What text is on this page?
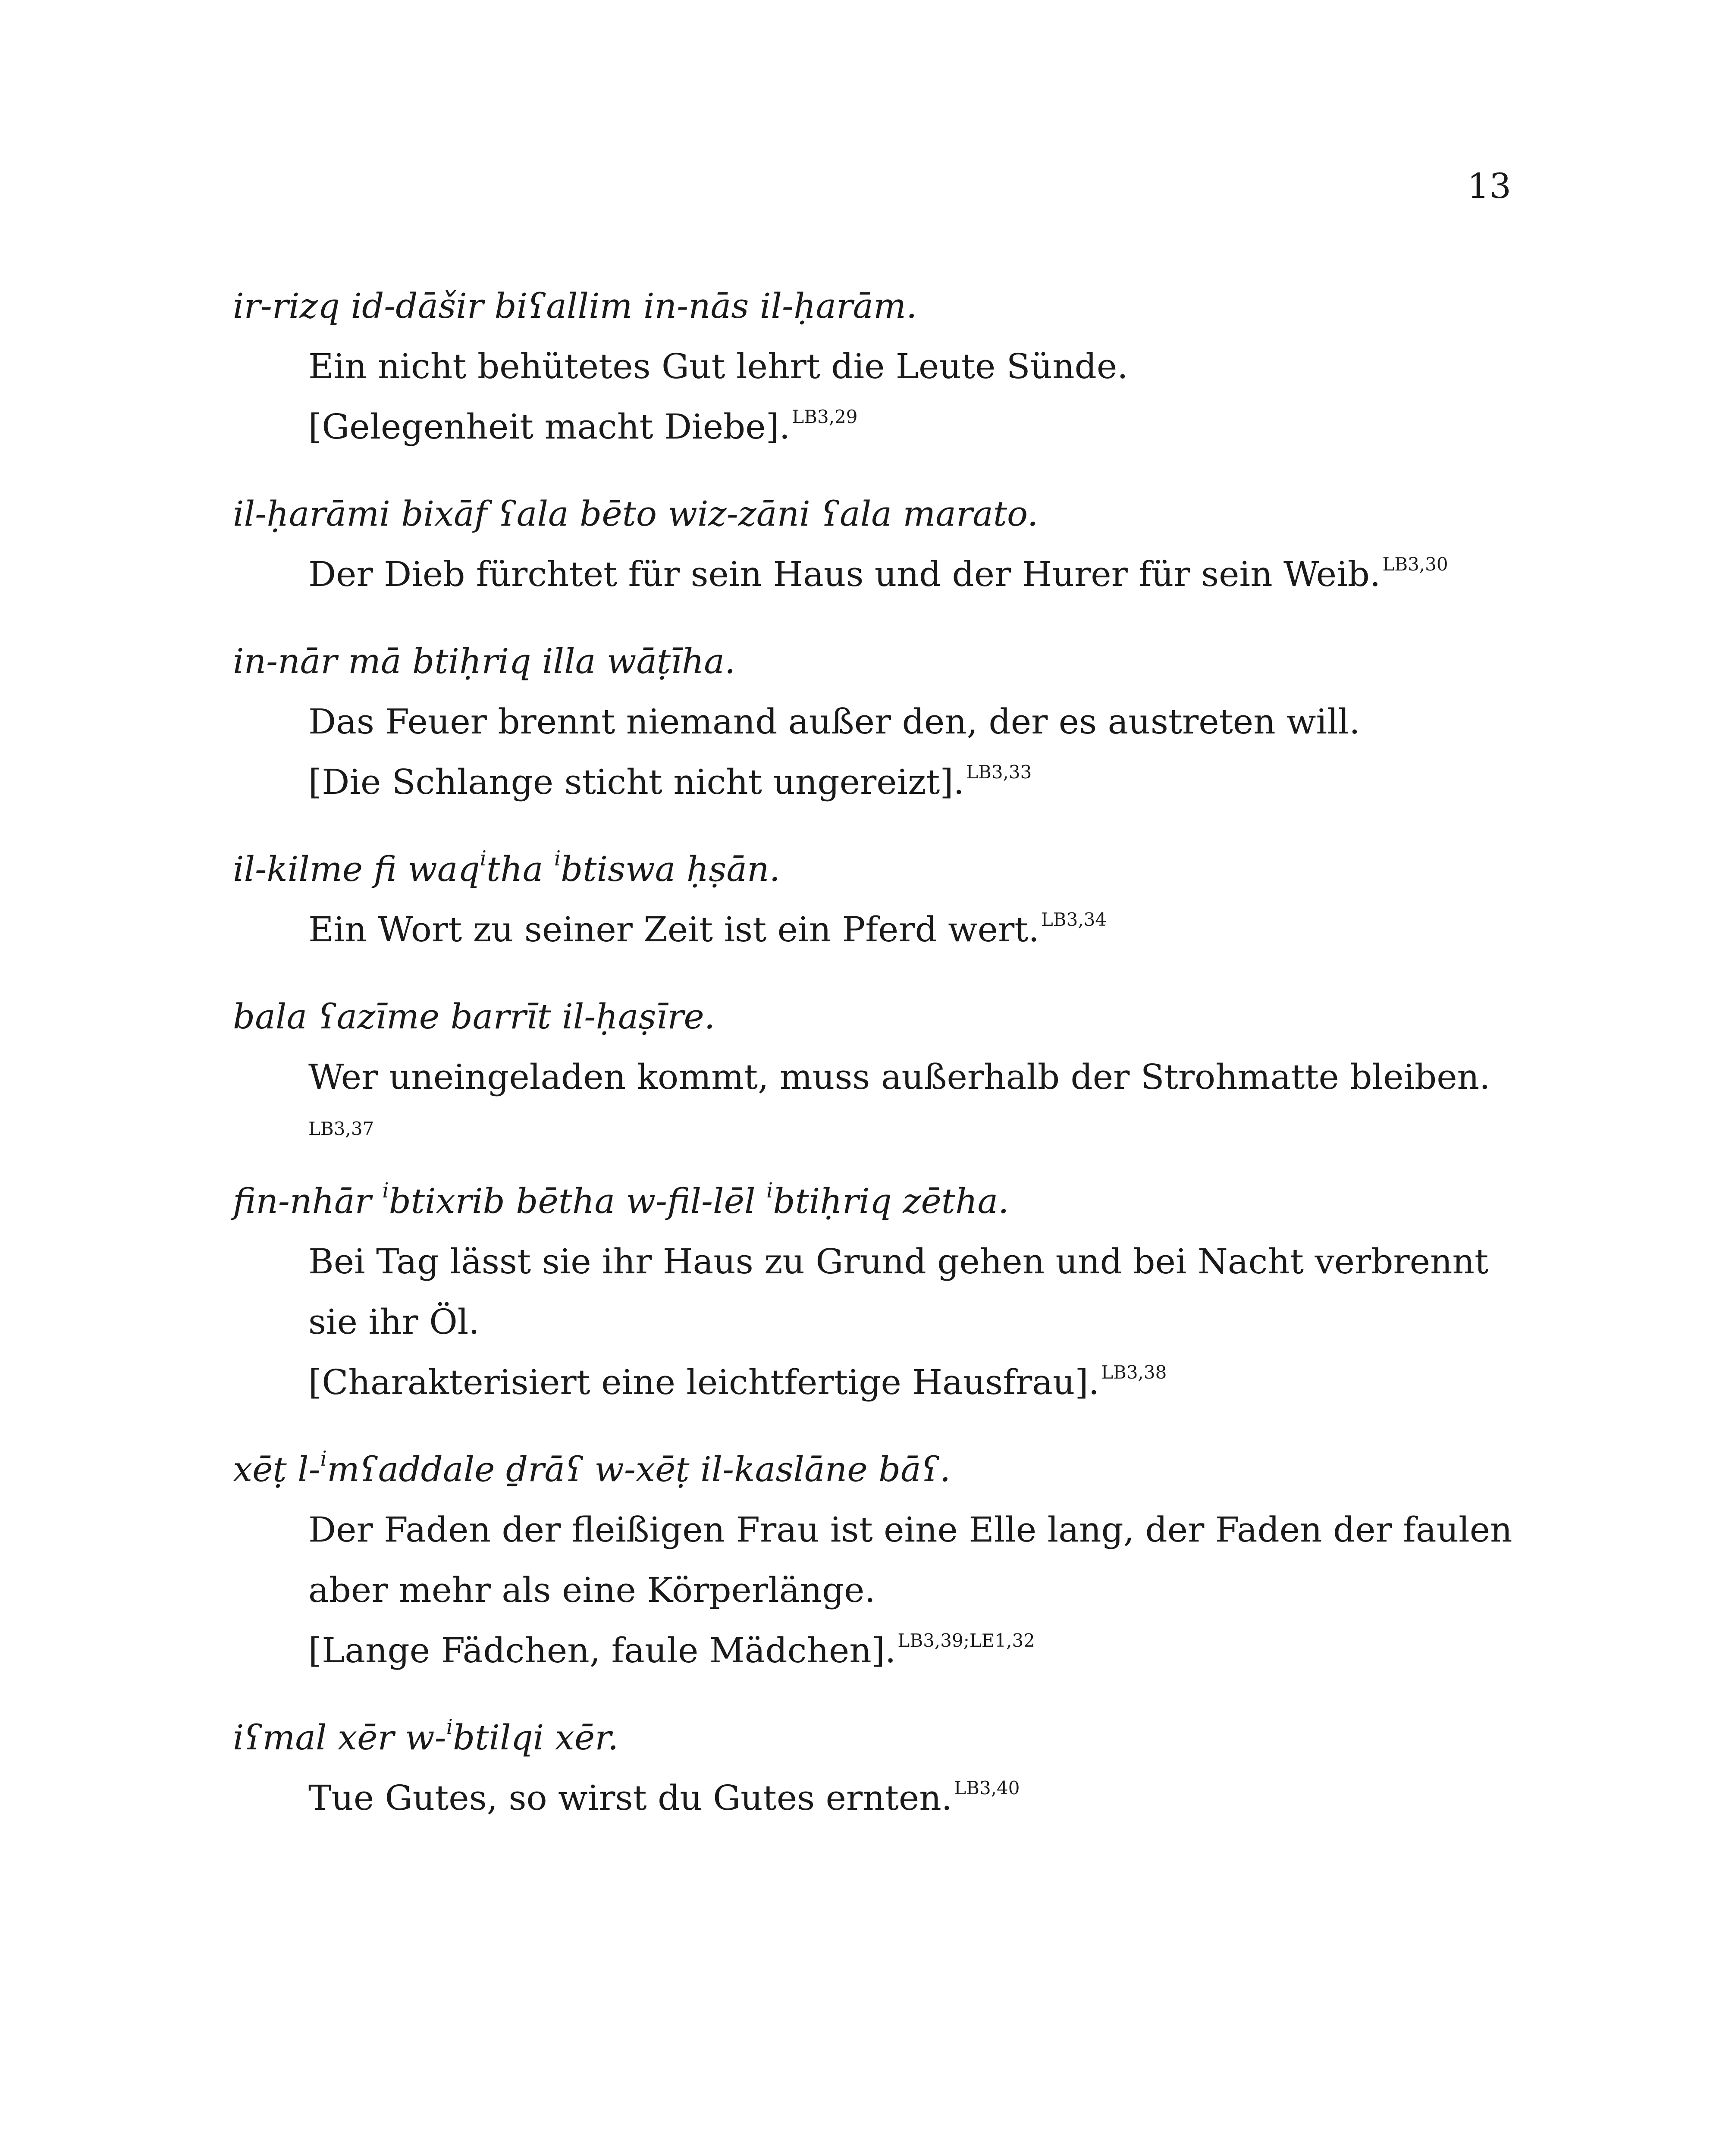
13

ir-rizq id-dāšir biʕallim in-nās il-ḥarām.

Ein nicht behütetes Gut lehrt die Leute Sünde.

[Gelegenheit macht Diebe].$^{LB3,29}$

il-ḥarāmi bixāf ʕala bēto wiz-zāni ʕala marato.

Der Dieb fürchtet für sein Haus und der Hurer für sein Weib.$^{LB3,30}$

in-nār mā btiḥriq illa wāṭīha.

Das Feuer brennt niemand außer den, der es austreten will.

[Die Schlange sticht nicht ungereizt].$^{LB3,33}$

il-kilme fi waq$^i$tha $^i$btiswa ḥṣān.

Ein Wort zu seiner Zeit ist ein Pferd wert.$^{LB3,34}$

bala ʕazīme barrīt il-ḥaṣīre.

Wer uneingeladen kommt, muss außerhalb der Strohmatte bleiben.

LB3,37

fin-nhār $^i$btixrib bētha w-fil-lēl $^i$btiḥriq zētha.

Bei Tag lässt sie ihr Haus zu Grund gehen und bei Nacht verbrennt

sie ihr Öl.

[Charakterisiert eine leichtfertige Hausfrau].$^{LB3,38}$

xēṭ l-$^i$mʕaddale ḏrāʕ w-xēṭ il-kaslāne bāʕ.

Der Faden der fleißigen Frau ist eine Elle lang, der Faden der faulen

aber mehr als eine Körperlänge.

[Lange Fädchen, faule Mädchen].$^{LB3,39;LE1,32}$

iʕmal xēr w-$^i$btilqi xēr.

Tue Gutes, so wirst du Gutes ernten.$^{LB3,40}$
